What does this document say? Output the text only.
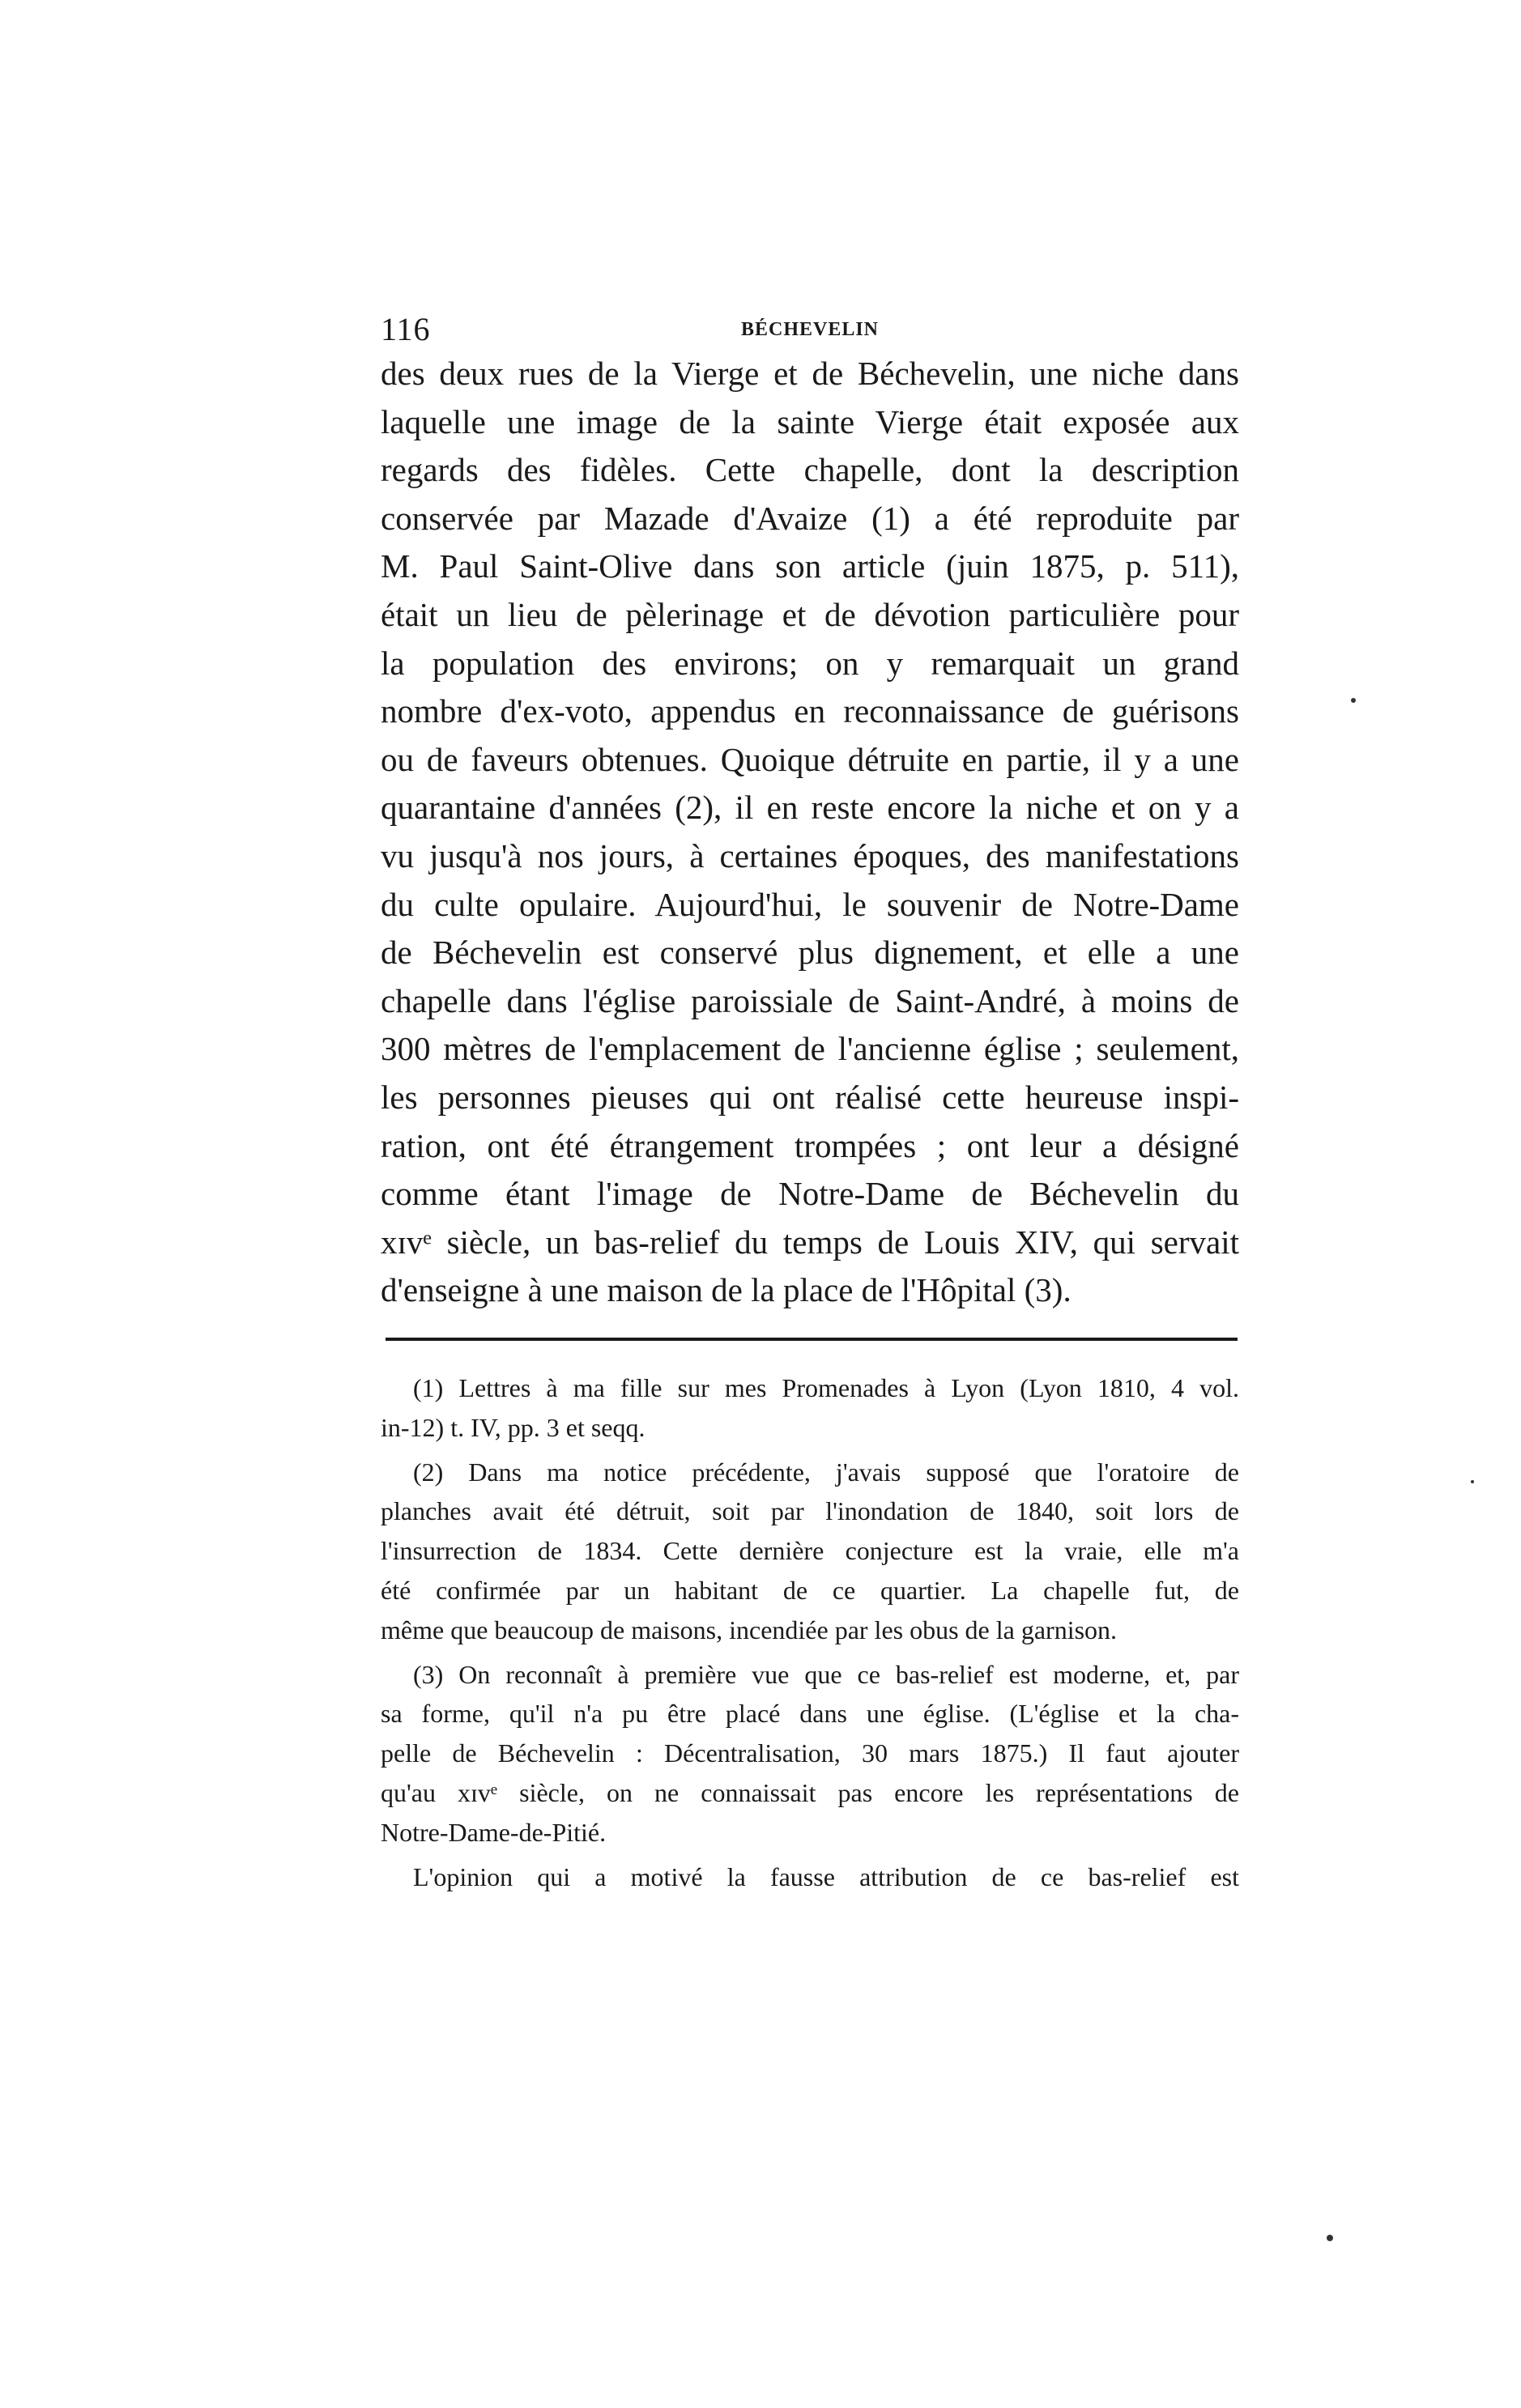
116	BÉCHEVELIN
des deux rues de la Vierge et de Béchevelin, une niche dans
laquelle une image de la sainte Vierge était exposée aux
regards des fidèles. Cette chapelle, dont la description
conservée par Mazade d'Avaize (1) a été reproduite par
M. Paul Saint-Olive dans son article (juin 1875, p. 511),
était un lieu de pèlerinage et de dévotion particulière pour
la population des environs; on y remarquait un grand
nombre d'ex-voto, appendus en reconnaissance de guérisons
ou de faveurs obtenues. Quoique détruite en partie, il y a une
quarantaine d'années (2), il en reste encore la niche et on y a
vu jusqu'à nos jours, à certaines époques, des manifestations
du culte opulaire. Aujourd'hui, le souvenir de Notre-Dame
de Béchevelin est conservé plus dignement, et elle a une
chapelle dans l'église paroissiale de Saint-André, à moins de
300 mètres de l'emplacement de l'ancienne église ; seulement,
les personnes pieuses qui ont réalisé cette heureuse inspi-
ration, ont été étrangement trompées ; ont leur a désigné
comme étant l'image de Notre-Dame de Béchevelin du
xɪᴠᵉ siècle, un bas-relief du temps de Louis XIV, qui servait
d'enseigne à une maison de la place de l'Hôpital (3).
(1) Lettres à ma fille sur mes Promenades à Lyon (Lyon 1810, 4 vol.
in-12) t. IV, pp. 3 et seqq.
(2) Dans ma notice précédente, j'avais supposé que l'oratoire de
planches avait été détruit, soit par l'inondation de 1840, soit lors de
l'insurrection de 1834. Cette dernière conjecture est la vraie, elle m'a
été confirmée par un habitant de ce quartier. La chapelle fut, de
même que beaucoup de maisons, incendiée par les obus de la garnison.
(3) On reconnaît à première vue que ce bas-relief est moderne, et, par
sa forme, qu'il n'a pu être placé dans une église. (L'église et la cha-
pelle de Béchevelin : Décentralisation, 30 mars 1875.) Il faut ajouter
qu'au xɪᴠᵉ siècle, on ne connaissait pas encore les représentations de
Notre-Dame-de-Pitié.
L'opinion qui a motivé la fausse attribution de ce bas-relief est
